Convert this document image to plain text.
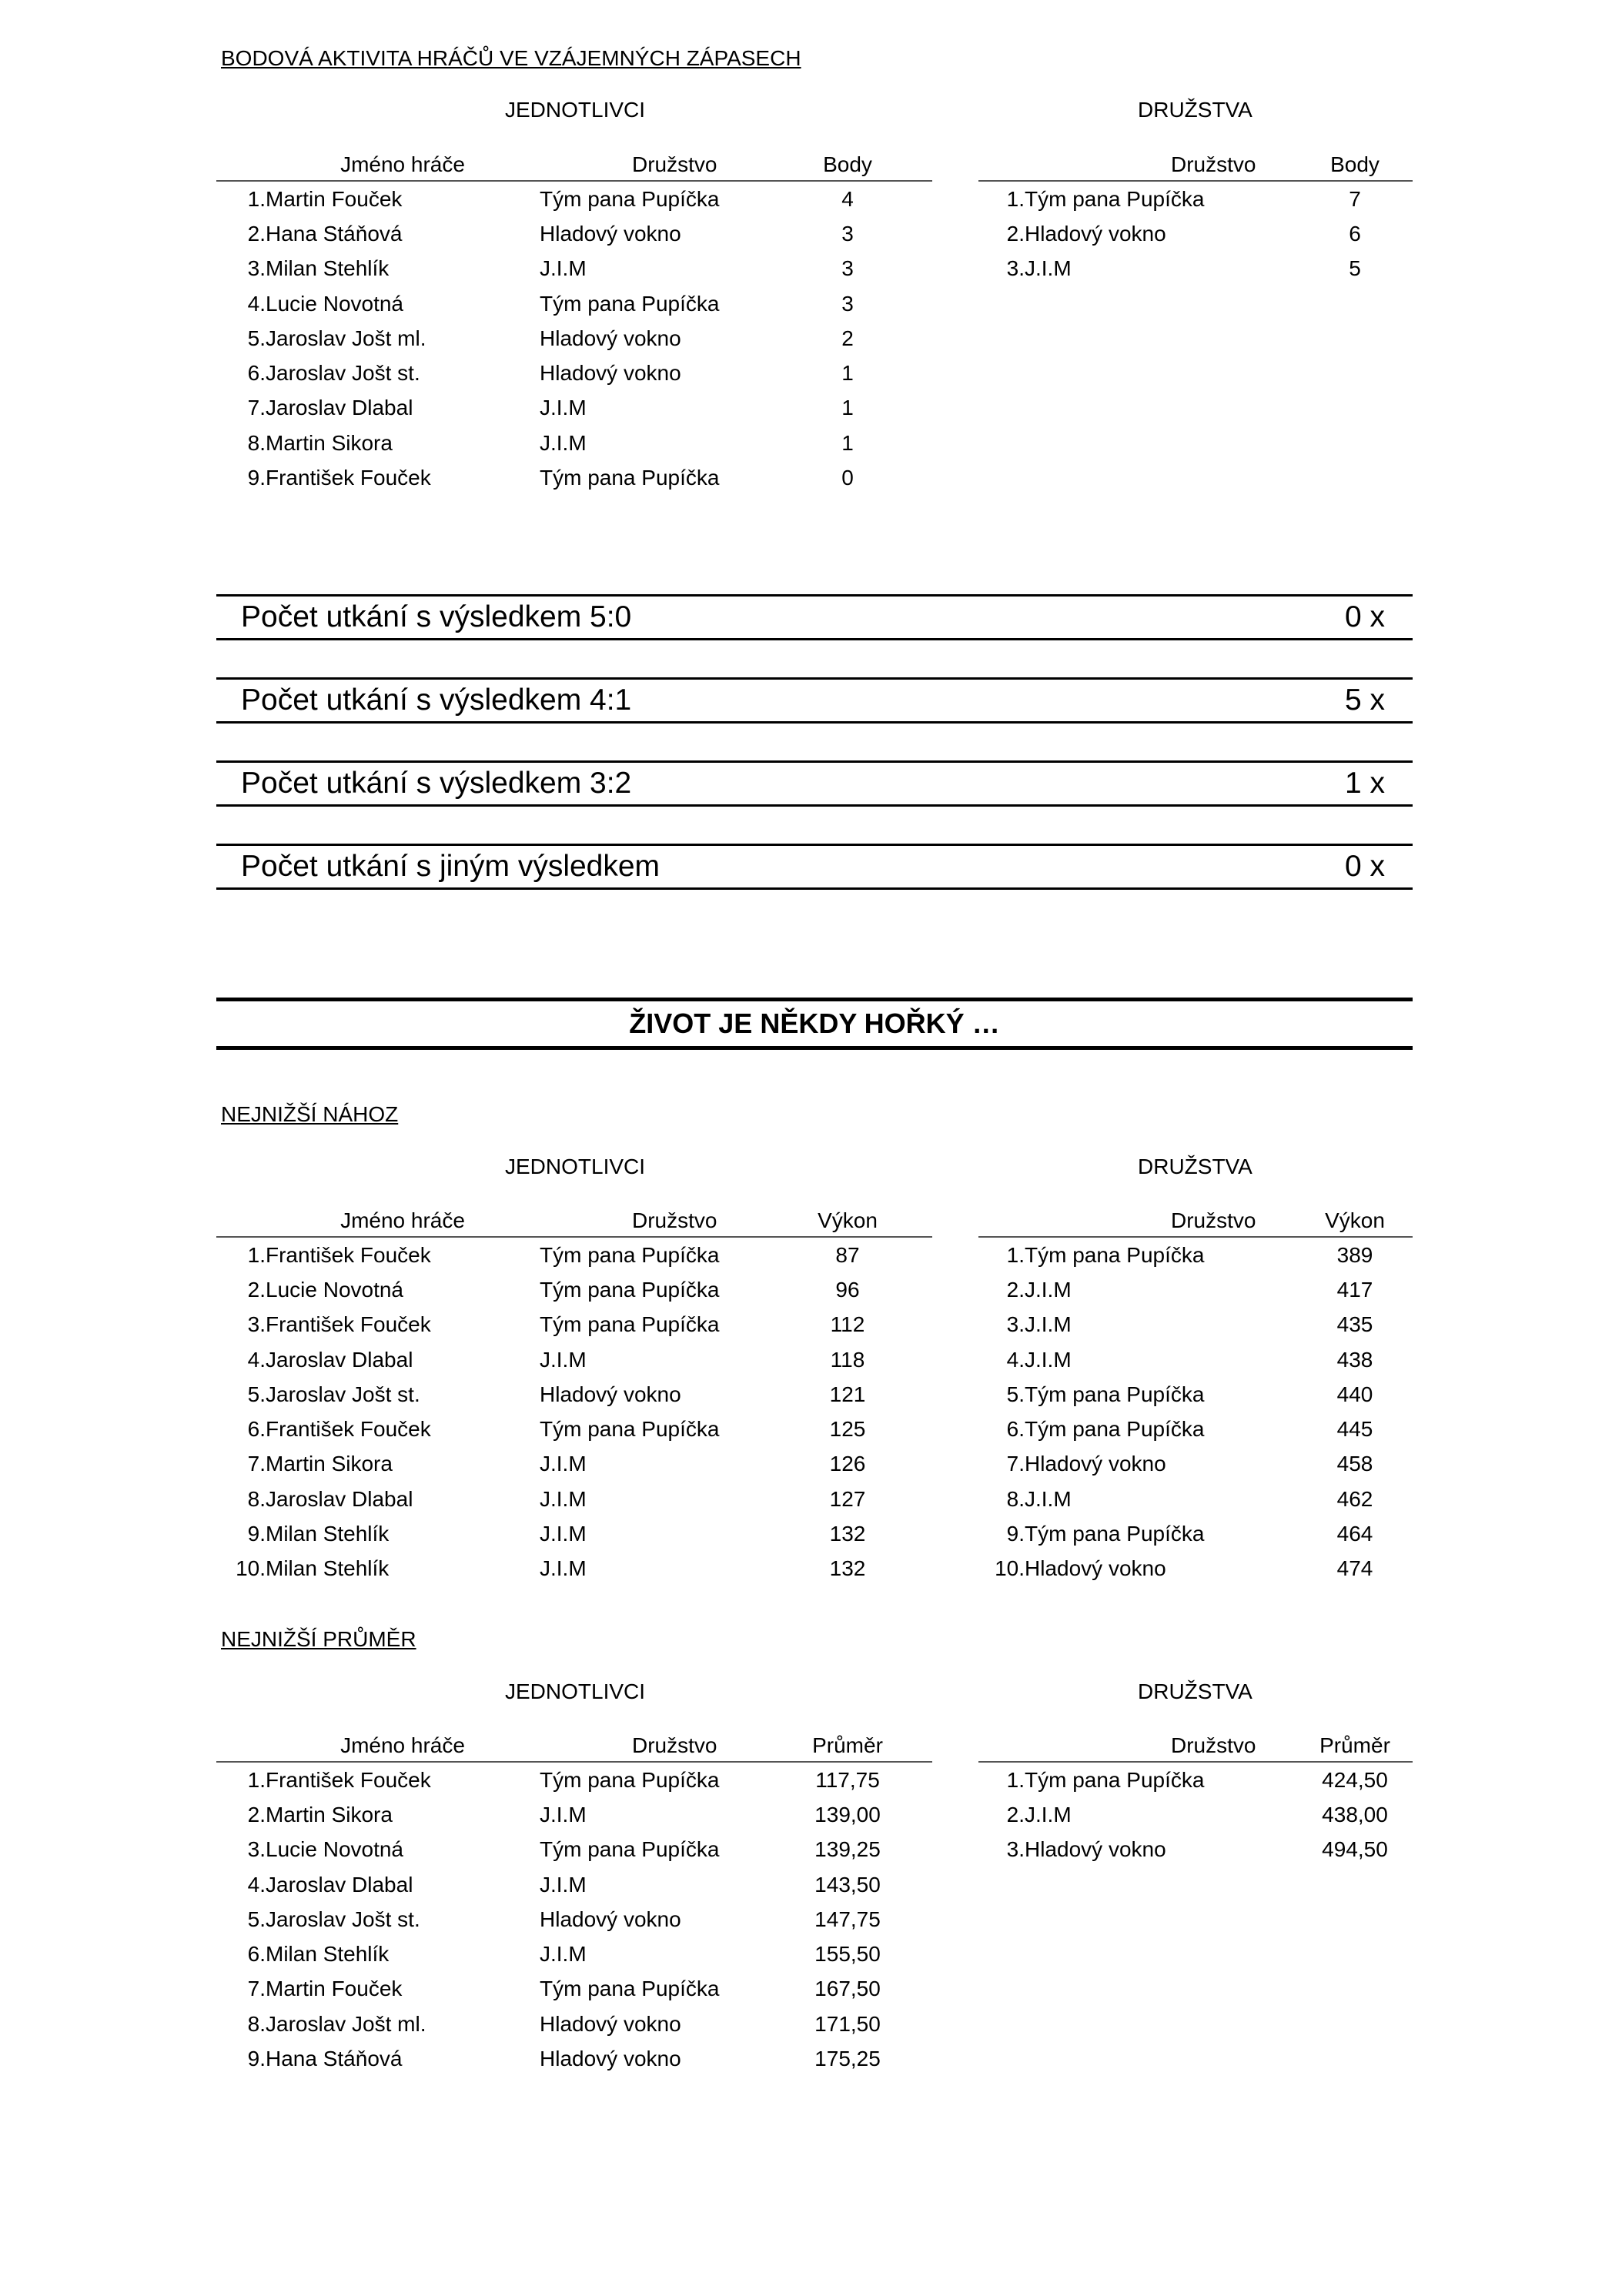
BODOVÁ AKTIVITA HRÁČŮ VE VZÁJEMNÝCH ZÁPASECH
JEDNOTLIVCI	DRUŽSTVA
	Jméno hráče	Družstvo	Body
1.	Martin Fouček	Tým pana Pupíčka	4
2.	Hana Stáňová	Hladový vokno	3
3.	Milan Stehlík	J.I.M	3
4.	Lucie Novotná	Tým pana Pupíčka	3
5.	Jaroslav Jošt ml.	Hladový vokno	2
6.	Jaroslav Jošt st.	Hladový vokno	1
7.	Jaroslav Dlabal	J.I.M	1
8.	Martin Sikora	J.I.M	1
9.	František Fouček	Tým pana Pupíčka	0
	Družstvo	Body
1.	Tým pana Pupíčka	7
2.	Hladový vokno	6
3.	J.I.M	5
Počet utkání s výsledkem 5:0	0 x
Počet utkání s výsledkem 4:1	5 x
Počet utkání s výsledkem 3:2	1 x
Počet utkání s jiným výsledkem	0 x
ŽIVOT JE NĚKDY HOŘKÝ …
NEJNIŽŠÍ NÁHOZ
JEDNOTLIVCI	DRUŽSTVA
	Jméno hráče	Družstvo	Výkon
1.	František Fouček	Tým pana Pupíčka	87
2.	Lucie Novotná	Tým pana Pupíčka	96
3.	František Fouček	Tým pana Pupíčka	112
4.	Jaroslav Dlabal	J.I.M	118
5.	Jaroslav Jošt st.	Hladový vokno	121
6.	František Fouček	Tým pana Pupíčka	125
7.	Martin Sikora	J.I.M	126
8.	Jaroslav Dlabal	J.I.M	127
9.	Milan Stehlík	J.I.M	132
10.	Milan Stehlík	J.I.M	132
	Družstvo	Výkon
1.	Tým pana Pupíčka	389
2.	J.I.M	417
3.	J.I.M	435
4.	J.I.M	438
5.	Tým pana Pupíčka	440
6.	Tým pana Pupíčka	445
7.	Hladový vokno	458
8.	J.I.M	462
9.	Tým pana Pupíčka	464
10.	Hladový vokno	474
NEJNIŽŠÍ PRŮMĚR
JEDNOTLIVCI	DRUŽSTVA
	Jméno hráče	Družstvo	Průměr
1.	František Fouček	Tým pana Pupíčka	117,75
2.	Martin Sikora	J.I.M	139,00
3.	Lucie Novotná	Tým pana Pupíčka	139,25
4.	Jaroslav Dlabal	J.I.M	143,50
5.	Jaroslav Jošt st.	Hladový vokno	147,75
6.	Milan Stehlík	J.I.M	155,50
7.	Martin Fouček	Tým pana Pupíčka	167,50
8.	Jaroslav Jošt ml.	Hladový vokno	171,50
9.	Hana Stáňová	Hladový vokno	175,25
	Družstvo	Průměr
1.	Tým pana Pupíčka	424,50
2.	J.I.M	438,00
3.	Hladový vokno	494,50
